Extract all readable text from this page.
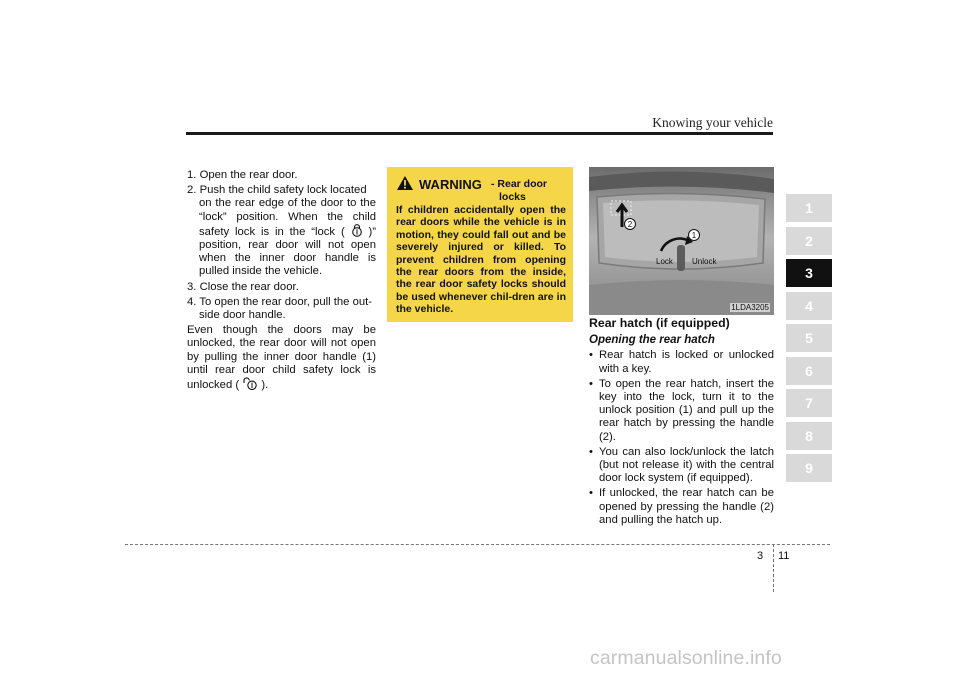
Knowing your vehicle
1. Open the rear door.
2. Push the child safety lock located
on the rear edge of the door to the “lock” position. When the child safety lock is in the “lock ( )” position, rear door will not open when the inner door handle is pulled inside the vehicle.
3. Close the rear door.
4. To open the rear door, pull the out-
side door handle.

Even though the doors may be unlocked, the rear door will not open by pulling the inner door handle (1) until rear door child safety lock is unlocked ( ).

WARNING - Rear door
locks
If children accidentally open the rear doors while the vehicle is in motion, they could fall out and be severely injured or killed. To prevent children from opening the rear doors from the inside, the rear door safety locks should be used whenever chil-dren are in the vehicle.
2
1
Lock Unlock
1LDA3205
Rear hatch (if equipped)
Opening the rear hatch
• Rear hatch is locked or unlocked with a key.
• To open the rear hatch, insert the key into the lock, turn it to the unlock position (1) and pull up the rear hatch by pressing the handle (2).
• You can also lock/unlock the latch (but not release it) with the central door lock system (if equipped).
• If unlocked, the rear hatch can be opened by pressing the handle (2) and pulling the hatch up.
1
2
3
4
5
6
7
8
9
3 11
carmanualsonline.info
